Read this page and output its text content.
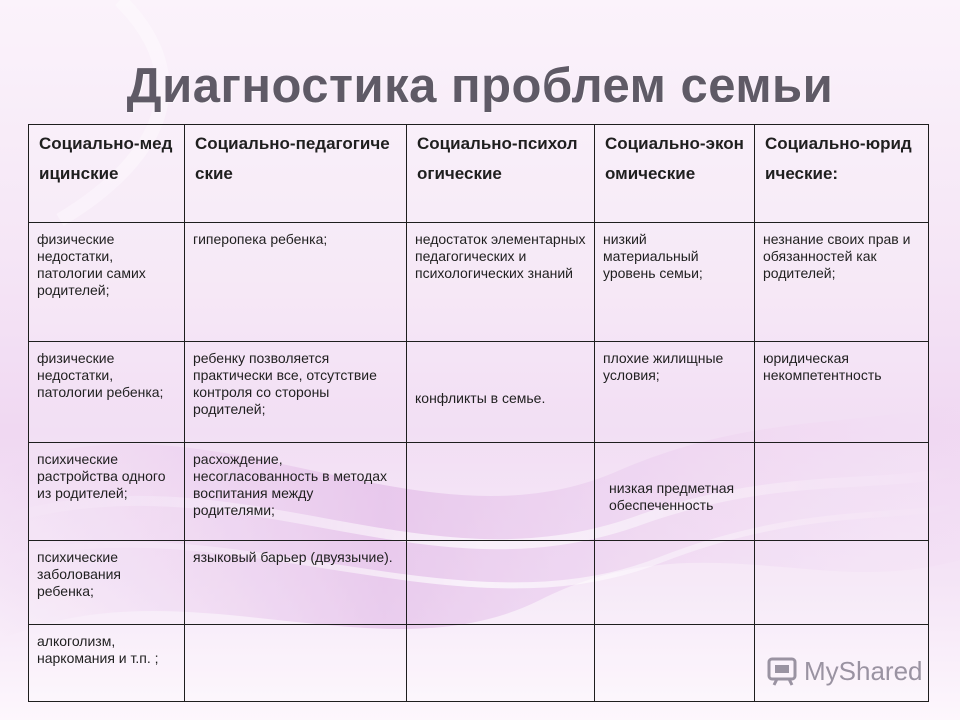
Диагностика проблем семьи
Социально-медицинские	Социально-педагогические	Социально-психологические	Социально-экономические	Социально-юридические:

физические недостатки, патологии самих родителей;	гиперопека ребенка;	недостаток элементарных педагогических и психологических знаний	низкий материальный уровень семьи;	незнание своих прав и обязанностей как родителей;
физические недостатки, патологии ребенка;	ребенку позволяется практически все, отсутствие контроля со стороны родителей;	конфликты в семье.	плохие жилищные условия;	юридическая некомпетентность
психические растройства одного из родителей;	расхождение, несогласованность в методах воспитания между родителями;		низкая предметная обеспеченность	
психические заболования ребенка;	языковый барьер (двуязычие).			
алкоголизм, наркомания и т.п. ;					MyShared
